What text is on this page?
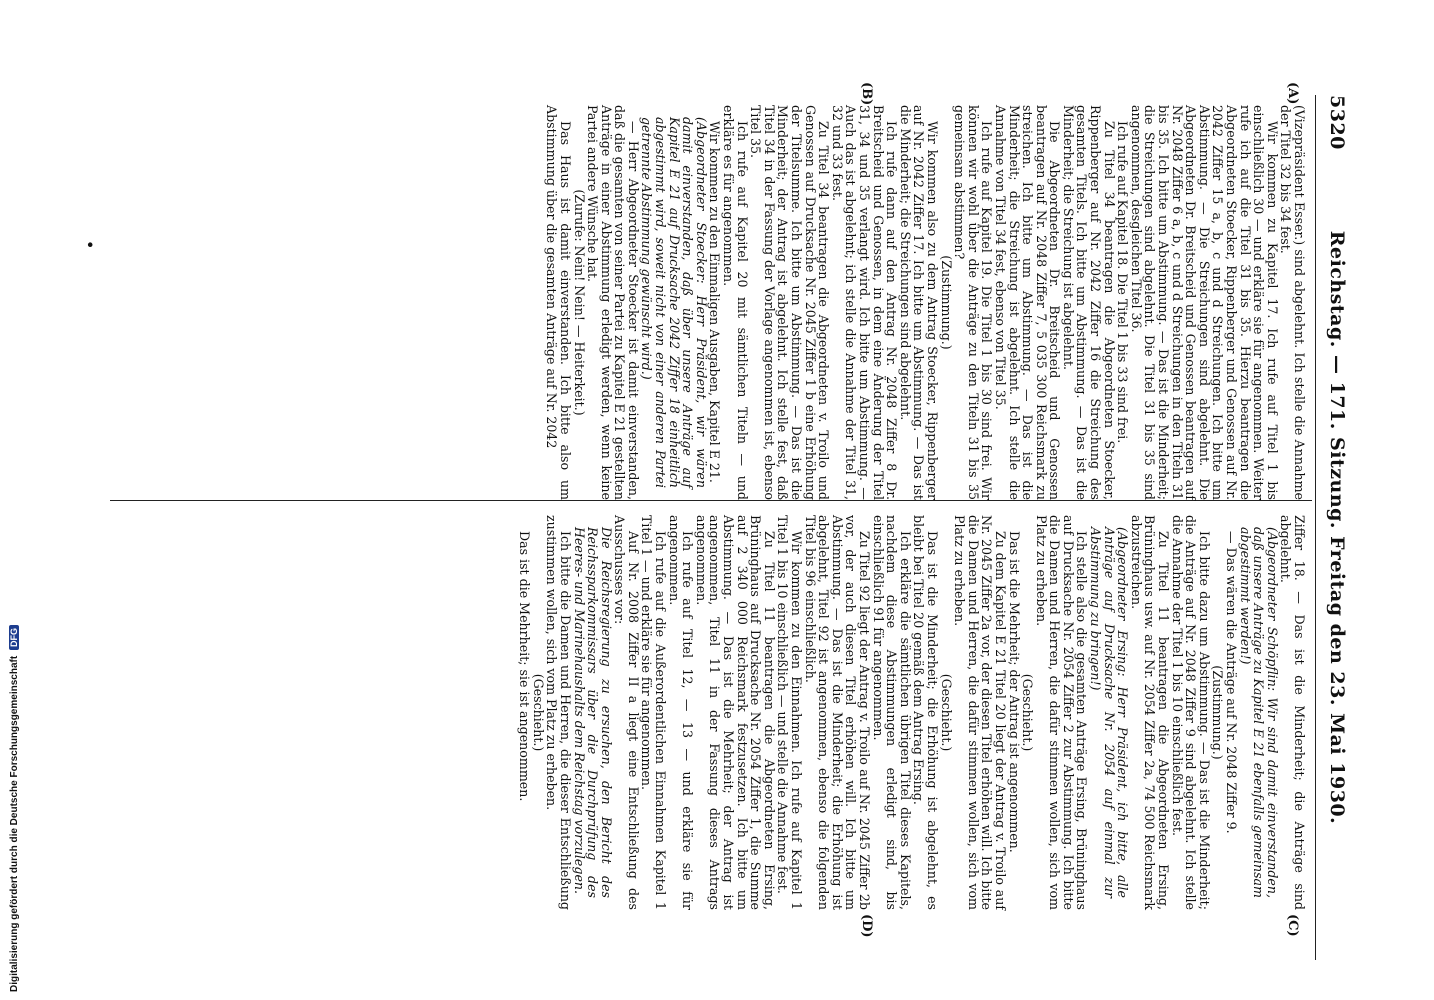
5320
Reichstag. — 171. Sitzung. Freitag den 23. Mai 1930.
(A)
(B)
(C)
(D)

(Vizepräsident Esser.) sind abgelehnt. Ich stelle die Annahme der Titel 32 bis 34 fest.

Wir kommen zu Kapitel 17. Ich rufe auf Titel 1 bis einschließlich 30 — und erkläre sie für angenommen. Weiter rufe ich auf die Titel 31 bis 35. Hierzu beantragen die Abgeordneten Stoecker, Rippenberger und Genossen auf Nr. 2042 Ziffer 15 a, b, c und d Streichungen. Ich bitte um Abstimmung. — Die Streichungen sind abgelehnt. Die Abgeordneten Dr. Breitscheid und Genossen beantragen auf Nr. 2048 Ziffer 6 a, b, c und d Streichungen in den Titeln 31 bis 35. Ich bitte um Abstimmung. — Das ist die Minderheit; die Streichungen sind abgelehnt. Die Titel 31 bis 35 sind angenommen, desgleichen Titel 36.

Ich rufe auf Kapitel 18. Die Titel 1 bis 33 sind frei.

Zu Titel 34 beantragen die Abgeordneten Stoecker, Rippenberger auf Nr. 2042 Ziffer 16 die Streichung des gesamten Titels. Ich bitte um Abstimmung. — Das ist die Minderheit; die Streichung ist abgelehnt.

Die Abgeordneten Dr. Breitscheid und Genossen beantragen auf Nr. 2048 Ziffer 7, 5 035 300 Reichsmark zu streichen. Ich bitte um Abstimmung. — Das ist die Minderheit; die Streichung ist abgelehnt. Ich stelle die Annahme von Titel 34 fest, ebenso von Titel 35.

Ich rufe auf Kapitel 19. Die Titel 1 bis 30 sind frei. Wir können wir wohl über die Anträge zu den Titeln 31 bis 35 gemeinsam abstimmen?

(Zustimmung.)

Wir kommen also zu dem Antrag Stoecker, Rippenberger auf Nr. 2042 Ziffer 17. Ich bitte um Abstimmung. — Das ist die Minderheit; die Streichungen sind abgelehnt.

Ich rufe dann auf den Antrag Nr. 2048 Ziffer 8 Dr. Breitscheid und Genossen, in dem eine Änderung der Titel 31, 34 und 35 verlangt wird. Ich bitte um Abstimmung. — Auch das ist abgelehnt; ich stelle die Annahme der Titel 31, 32 und 33 fest.

Zu Titel 34 beantragen die Abgeordneten v. Troilo und Genossen auf Drucksache Nr. 2045 Ziffer 1 b eine Erhöhung der Titelsumme. Ich bitte um Abstimmung. — Das ist die Minderheit; der Antrag ist abgelehnt. Ich stelle fest, daß Titel 34 in der Fassung der Vorlage angenommen ist, ebenso Titel 35.

Ich rufe auf Kapitel 20 mit sämtlichen Titeln — und erkläre es für angenommen.

Wir kommen zu den Einmaligen Ausgaben, Kapitel E 21.

(Abgeordneter Stoecker: Herr Präsident, wir wären damit einverstanden, daß über unsere Anträge auf Kapitel E 21 auf Drucksache 2042 Ziffer 18 einheitlich abgestimmt wird, soweit nicht von einer anderen Partei getrennte Abstimmung gewünscht wird.)

— Herr Abgeordneter Stoecker ist damit einverstanden, daß die gesamten von seiner Partei zu Kapitel E 21 gestellten Anträge in einer Abstimmung erledigt werden, wenn keine Partei andere Wünsche hat.

(Zurufe: Nein! Nein! — Heiterkeit.)

Das Haus ist damit einverstanden. Ich bitte also um Abstimmung über die gesamten Anträge auf Nr. 2042

Ziffer 18. — Das ist die Minderheit; die Anträge sind abgelehnt.

(Abgeordneter Schöpflin: Wir sind damit einverstanden, daß unsere Anträge zu Kapitel E 21 ebenfalls gemeinsam abgestimmt werden!)

— Das wären die Anträge auf Nr. 2048 Ziffer 9.

(Zustimmung.)

Ich bitte dazu um Abstimmung. — Das ist die Minderheit; die Anträge auf Nr. 2048 Ziffer 9 sind abgelehnt. Ich stelle die Annahme der Titel 1 bis 10 einschließlich fest.

Zu Titel 11 beantragen die Abgeordneten Ersing, Brüninghaus usw. auf Nr. 2054 Ziffer 2a, 74 500 Reichsmark abzustreichen.

(Abgeordneter Ersing: Herr Präsident, ich bitte, alle Anträge auf Drucksache Nr. 2054 auf einmal zur Abstimmung zu bringen!)

Ich stelle also die gesamten Anträge Ersing, Brüninghaus auf Drucksache Nr. 2054 Ziffer 2 zur Abstimmung. Ich bitte die Damen und Herren, die dafür stimmen wollen, sich vom Platz zu erheben.

(Geschieht.)

Das ist die Mehrheit; der Antrag ist angenommen.

Zu dem Kapitel E 21 Titel 20 liegt der Antrag v. Troilo auf Nr. 2045 Ziffer 2a vor, der diesen Titel erhöhen will. Ich bitte die Damen und Herren, die dafür stimmen wollen, sich vom Platz zu erheben.

(Geschieht.)

Das ist die Minderheit; die Erhöhung ist abgelehnt, es bleibt bei Titel 20 gemäß dem Antrag Ersing.

Ich erkläre die sämtlichen übrigen Titel dieses Kapitels, nachdem diese Abstimmungen erledigt sind, bis einschließlich 91 für angenommen.

Zu Titel 92 liegt der Antrag v. Troilo auf Nr. 2045 Ziffer 2b vor, der auch diesen Titel erhöhen will. Ich bitte um Abstimmung. — Das ist die Minderheit; die Erhöhung ist abgelehnt, Titel 92 ist angenommen, ebenso die folgenden Titel bis 96 einschließlich.

Wir kommen zu den Einnahmen. Ich rufe auf Kapitel 1 Titel 1 bis 10 einschließlich — und stelle die Annahme fest.

Zu Titel 11 beantragen die Abgeordneten Ersing, Brüninghaus auf Drucksache Nr. 2054 Ziffer 1, die Summe auf 2 340 000 Reichsmark festzusetzen. Ich bitte um Abstimmung. — Das ist die Mehrheit; der Antrag ist angenommen, Titel 11 in der Fassung dieses Antrags angenommen.

Ich rufe auf Titel 12, — 13 — und erkläre sie für angenommen.

Ich rufe auf die Außerordentlichen Einnahmen Kapitel 1 Titel 1 — und erkläre sie für angenommen.

Auf Nr. 2008 Ziffer II a liegt eine Entschließung des Ausschusses vor:

Die Reichsregierung zu ersuchen, den Bericht des Reichssparkommissars über die Durchprüfung des Heeres- und Marinehaushalts dem Reichstag vorzulegen.

Ich bitte die Damen und Herren, die dieser Entschließung zustimmen wollen, sich vom Platz zu erheben.

(Geschieht.)

Das ist die Mehrheit; sie ist angenommen.

•
Digitalisierung gefördert durch die Deutsche Forschungsgemeinschaft DFG
